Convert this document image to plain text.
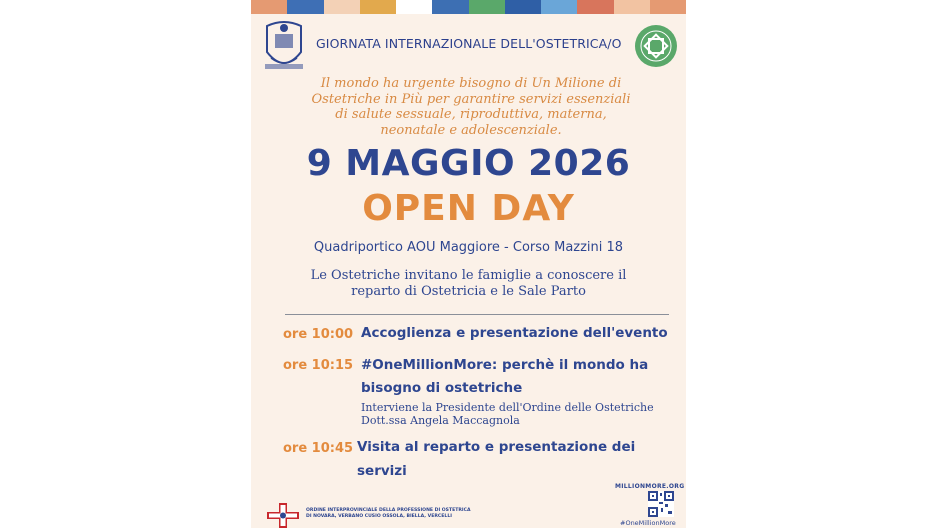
GIORNATA INTERNAZIONALE DELL'OSTETRICA/O
Il mondo ha urgente bisogno di Un Milione di
Ostetriche in Più per garantire servizi essenziali
di salute sessuale, riproduttiva, materna,
neonatale e adolescenziale.
9 MAGGIO 2026
OPEN DAY
Quadriportico AOU Maggiore - Corso Mazzini 18
Le Ostetriche invitano le famiglie a conoscere il
reparto di Ostetricia e le Sale Parto
ore 10:00 Accoglienza e presentazione dell'evento
ore 10:15 #OneMillionMore: perchè il mondo ha
bisogno di ostetriche
Interviene la Presidente dell'Ordine delle Ostetriche
Dott.ssa Angela Maccagnola
ore 10:45 Visita al reparto e presentazione dei
servizi
MILLIONMORE.ORG
#OneMillionMore
ORDINE INTERPROVINCIALE DELLA PROFESSIONE DI OSTETRICA
DI NOVARA, VERBANO CUSIO OSSOLA, BIELLA, VERCELLI
